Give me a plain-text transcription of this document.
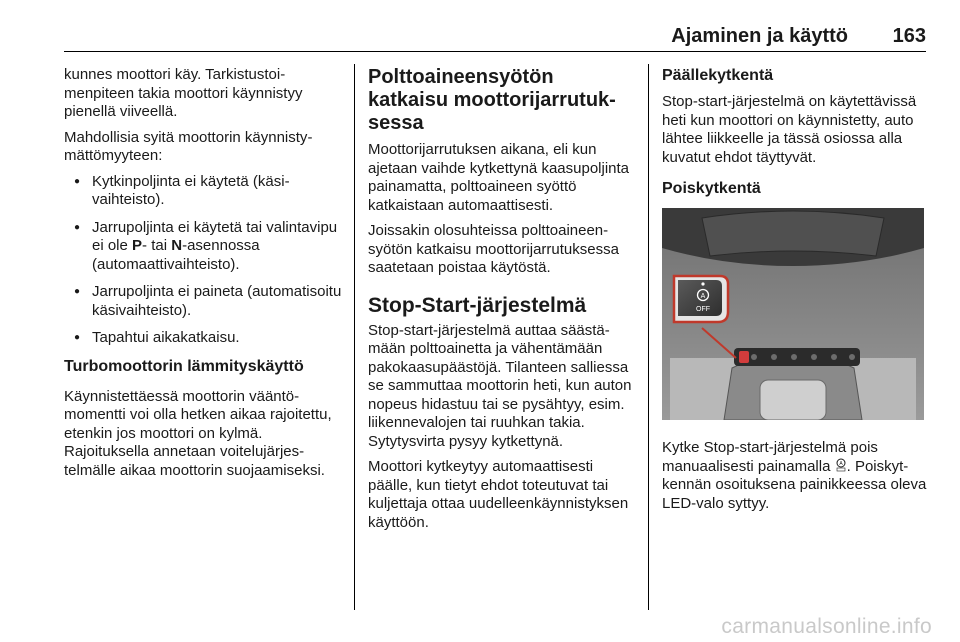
Ajaminen ja käyttö 163

kunnes moottori käy. Tarkistustoimenpiteen takia moottori käynnistyy pienellä viiveellä.

Mahdollisia syitä moottorin käynnistymättömyyteen:

● Kytkinpoljinta ei käytetä (käsivaihteisto).
● Jarrupoljinta ei käytetä tai valintavipu ei ole P- tai N-asennossa (automaattivaihteisto).
● Jarrupoljinta ei paineta (automatisoitu käsivaihteisto).
● Tapahtui aikakatkaisu.
Turbomoottorin lämmityskäyttö

Käynnistettäessä moottorin vääntömomentti voi olla hetken aikaa rajoitettu, etenkin jos moottori on kylmä. Rajoituksella annetaan voitelujärjestelmälle aikaa moottorin suojaamiseksi.

Polttoaineensyötön katkaisu moottorijarrutuksessa

Moottorijarrutuksen aikana, eli kun ajetaan vaihde kytkettynä kaasupoljinta painamatta, polttoaineen syöttö katkaistaan automaattisesti.

Joissakin olosuhteissa polttoaineensyötön katkaisu moottorijarrutuksessa saatetaan poistaa käytöstä.

Stop-Start-järjestelmä

Stop-start-järjestelmä auttaa säästämään polttoainetta ja vähentämään pakokaasupäästöjä. Tilanteen salliessa se sammuttaa moottorin heti, kun auton nopeus hidastuu tai se pysähtyy, esim. liikennevalojen tai ruuhkan takia. Sytytysvirta pysyy kytkettynä.

Moottori kytkeytyy automaattisesti päälle, kun tietyt ehdot toteutuvat tai kuljettaja ottaa uudelleenkäynnistyksen käyttöön.

Päällekytkentä

Stop-start-järjestelmä on käytettävissä heti kun moottori on käynnistetty, auto lähtee liikkeelle ja tässä osiossa alla kuvatut ehdot täyttyvät.

Poiskytkentä
A
OFF

Kytke Stop-start-järjestelmä pois manuaalisesti painamalla A . Poiskytkennän osoituksena painikkeessa oleva LED-valo syttyy.

carmanualsonline.info
